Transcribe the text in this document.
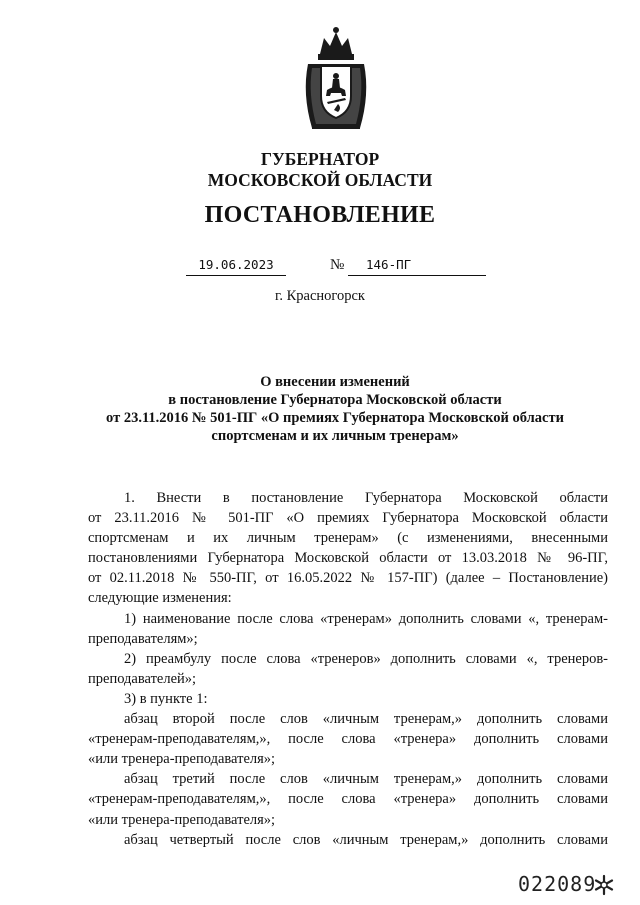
ГУБЕРНАТОР
МОСКОВСКОЙ ОБЛАСТИ
ПОСТАНОВЛЕНИЕ
19.06.2023	№	146-ПГ
г. Красногорск
О внесении изменений
в постановление Губернатора Московской области
от 23.11.2016 № 501-ПГ «О премиях Губернатора Московской области
спортсменам и их личным тренерам»
1. Внести в постановление Губернатора Московской области
от 23.11.2016 № 501-ПГ «О премиях Губернатора Московской области
спортсменам и их личным тренерам» (с изменениями, внесенными
постановлениями Губернатора Московской области от 13.03.2018 № 96-ПГ,
от 02.11.2018 № 550-ПГ, от 16.05.2022 № 157-ПГ) (далее – Постановление)
следующие изменения:
1) наименование после слова «тренерам» дополнить словами «, тренерам-
преподавателям»;
2) преамбулу после слова «тренеров» дополнить словами «, тренеров-
преподавателей»;
3) в пункте 1:
абзац второй после слов «личным тренерам,» дополнить словами
«тренерам-преподавателям,», после слова «тренера» дополнить словами
«или тренера-преподавателя»;
абзац третий после слов «личным тренерам,» дополнить словами
«тренерам-преподавателям,», после слова «тренера» дополнить словами
«или тренера-преподавателя»;
абзац четвертый после слов «личным тренерам,» дополнить словами
022089
